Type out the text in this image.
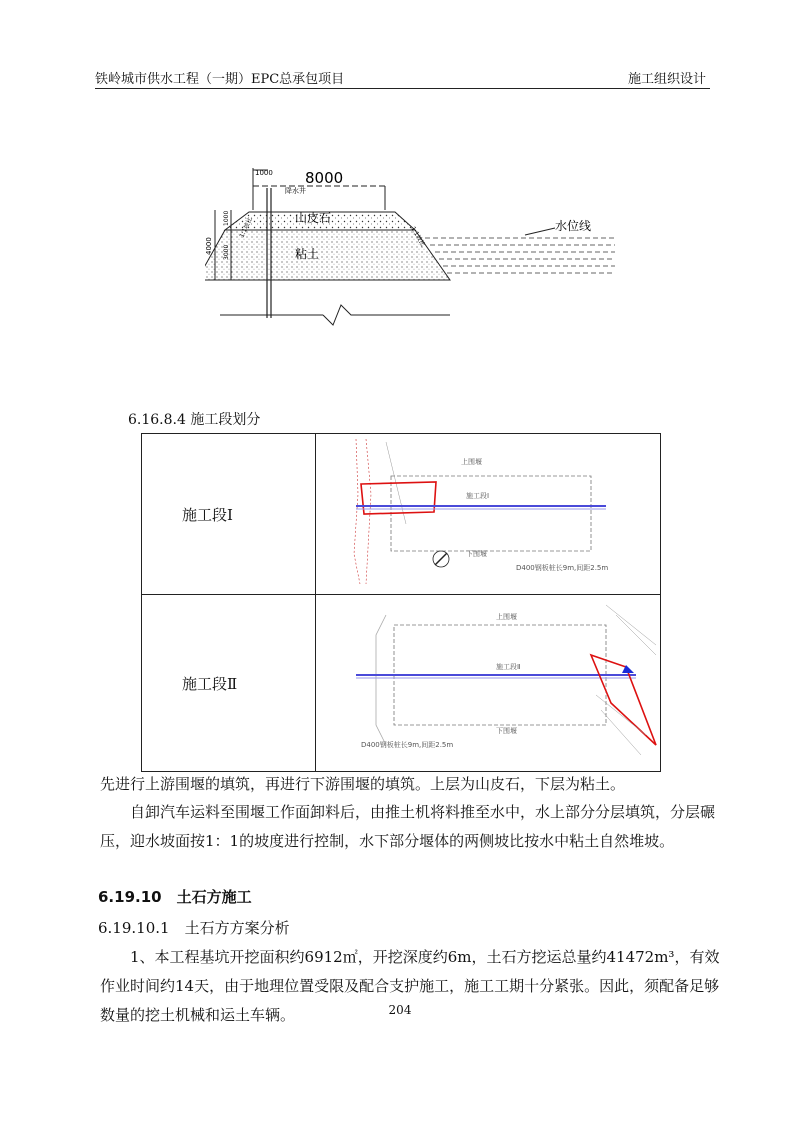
铁岭城市供水工程（一期）EPC总承包项目	施工组织设计
8000
1000
降水井
山皮石
粘土
4000
1000
3000
1:1坡比	1:1坡比	水位线
6.16.8.4 施工段划分
施工段Ⅰ	上围堰
施工段Ⅰ
下围堰
D400钢板桩长9m,间距2.5m

施工段Ⅱ	上围堰
施工段Ⅱ
下围堰
D400钢板桩长9m,间距2.5m
先进行上游围堰的填筑，再进行下游围堰的填筑。上层为山皮石，下层为粘土。
自卸汽车运料至围堰工作面卸料后，由推土机将料推至水中，水上部分分层填筑，分层碾压，迎水坡面按1：1的坡度进行控制，水下部分堰体的两侧坡比按水中粘土自然堆坡。
6.19.10　土石方施工
6.19.10.1　土石方方案分析
1、本工程基坑开挖面积约6912㎡，开挖深度约6m，土石方挖运总量约41472m³，有效作业时间约14天，由于地理位置受限及配合支护施工，施工工期十分紧张。因此，须配备足够数量的挖土机械和运土车辆。	204
